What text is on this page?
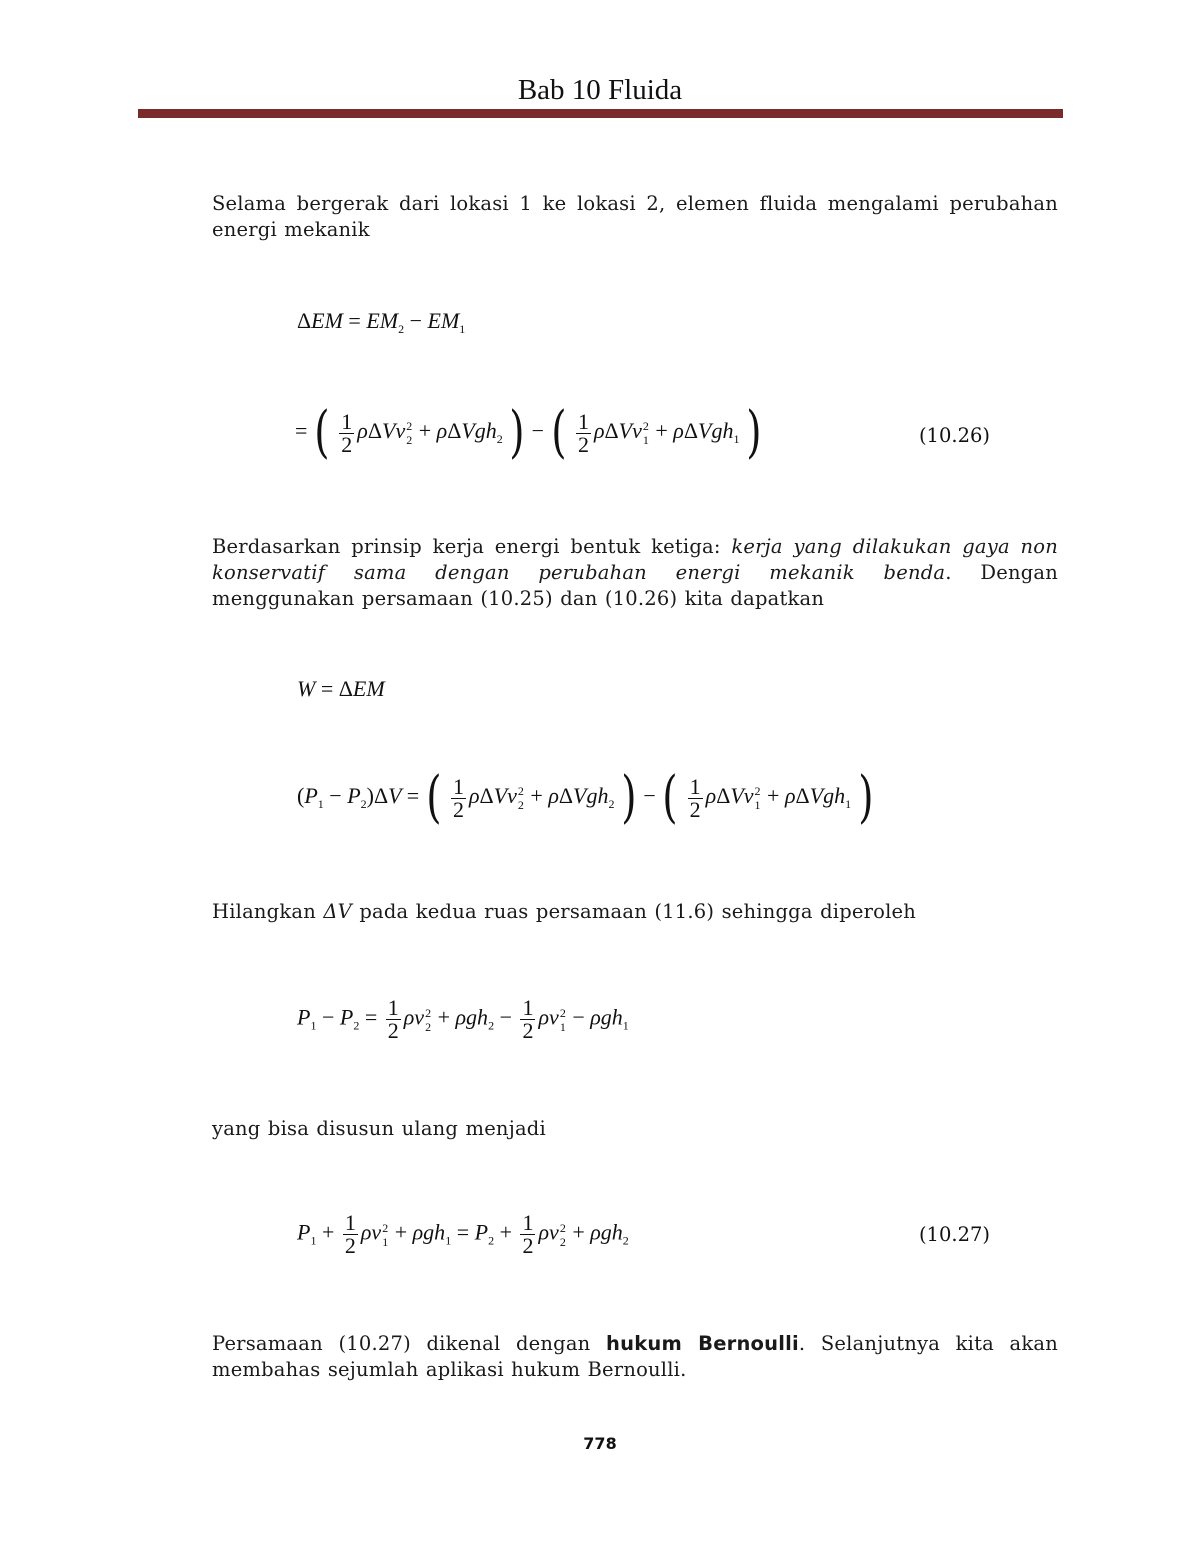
Bab 10 Fluida
Selama bergerak dari lokasi 1 ke lokasi 2, elemen fluida mengalami perubahan energi mekanik
$\Delta EM = EM_2 - EM_1$
= ( $\frac{1}{2}$ ρΔVv 2
2 + ρΔVgh$_2$ ) − ( $\frac{1}{2}$ ρΔVv 2
1 + ρΔVgh$_1$ )	(10.26)
Berdasarkan prinsip kerja energi bentuk ketiga: kerja yang dilakukan gaya non konservatif sama dengan perubahan energi mekanik benda. Dengan menggunakan persamaan (10.25) dan (10.26) kita dapatkan
W = ΔEM
$(P_1 - P_2)\Delta V$ = ( $\frac{1}{2}$ ρΔVv 2
2 + ρΔVgh$_2$ ) − ( $\frac{1}{2}$ ρΔVv 2
1 + ρΔVgh$_1$ )
Hilangkan ΔV pada kedua ruas persamaan (11.6) sehingga diperoleh
$P_1 - P_2 = \frac{1}{2}$ ρv 2
$2 + \rho gh_2 - \frac{1}{2}$ ρv 2
1 − ρgh$_1$
yang bisa disusun ulang menjadi
$P_1 + \frac{1}{2}$ ρv 2
$1 + \rho gh_1 = P_2 + \frac{1}{2}$ ρv 2
2 + ρgh$_2$	(10.27)
Persamaan (10.27) dikenal dengan hukum Bernoulli. Selanjutnya kita akan membahas sejumlah aplikasi hukum Bernoulli.
778
